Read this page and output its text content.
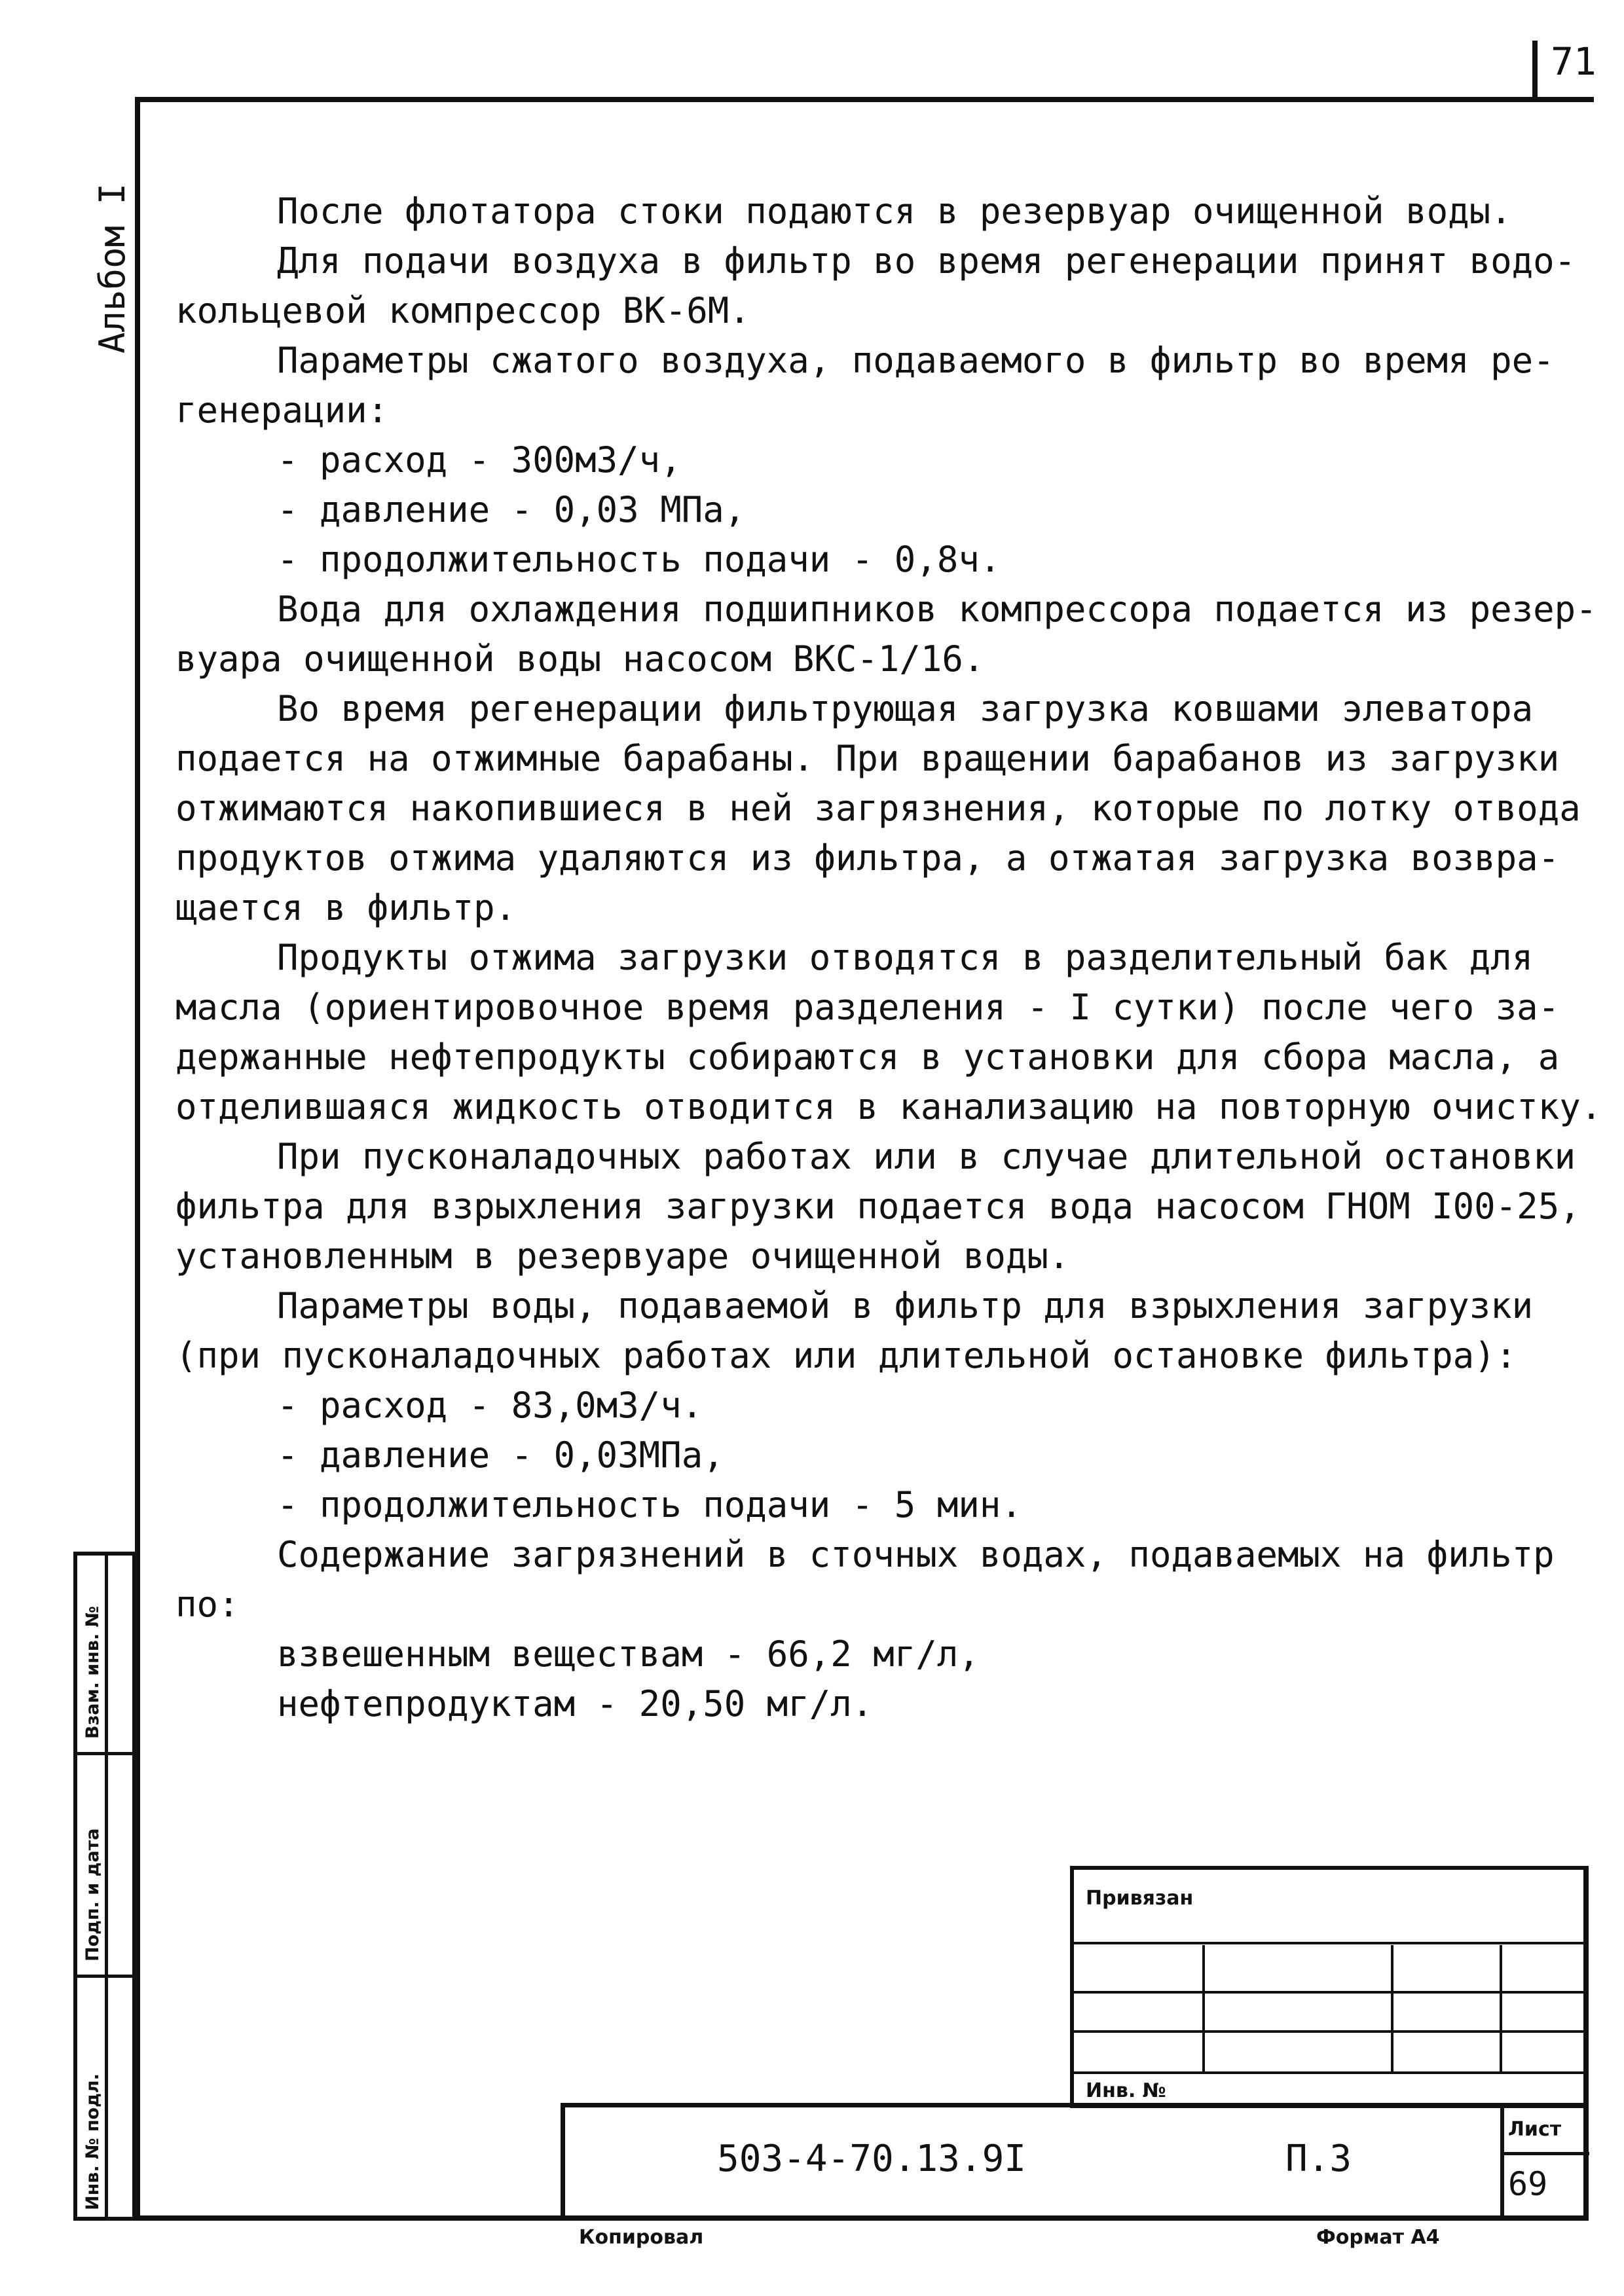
71
Альбом I
Взам. инв. №
Подп. и дата
Инв. № подл.

После флотатора стоки подаются в резервуар очищенной воды.

Для подачи воздуха в фильтр во время регенерации принят водо-

кольцевой компрессор ВК-6М.

Параметры сжатого воздуха, подаваемого в фильтр во время ре-

генерации:

- расход - 300м3/ч,

- давление - 0,03 МПа,

- продолжительность подачи - 0,8ч.

Вода для охлаждения подшипников компрессора подается из резер-

вуара очищенной воды насосом ВКС-1/16.

Во время регенерации фильтрующая загрузка ковшами элеватора

подается на отжимные барабаны. При вращении барабанов из загрузки

отжимаются накопившиеся в ней загрязнения, которые по лотку отвода

продуктов отжима удаляются из фильтра, а отжатая загрузка возвра-

щается в фильтр.

Продукты отжима загрузки отводятся в разделительный бак для

масла (ориентировочное время разделения - I сутки) после чего за-

держанные нефтепродукты собираются в установки для сбора масла, а

отделившаяся жидкость отводится в канализацию на повторную очистку.

При пусконаладочных работах или в случае длительной остановки

фильтра для взрыхления загрузки подается вода насосом ГНОМ I00-25,

установленным в резервуаре очищенной воды.

Параметры воды, подаваемой в фильтр для взрыхления загрузки

(при пусконаладочных работах или длительной остановке фильтра):

- расход - 83,0м3/ч.

- давление - 0,03МПа,

- продолжительность подачи - 5 мин.

Содержание загрязнений в сточных водах, подаваемых на фильтр

по:

взвешенным веществам - 66,2 мг/л,

нефтепродуктам - 20,50 мг/л.

Привязан
Инв. №
503-4-70.13.9I	П.3
Лист
69
Копировал	Формат А4
